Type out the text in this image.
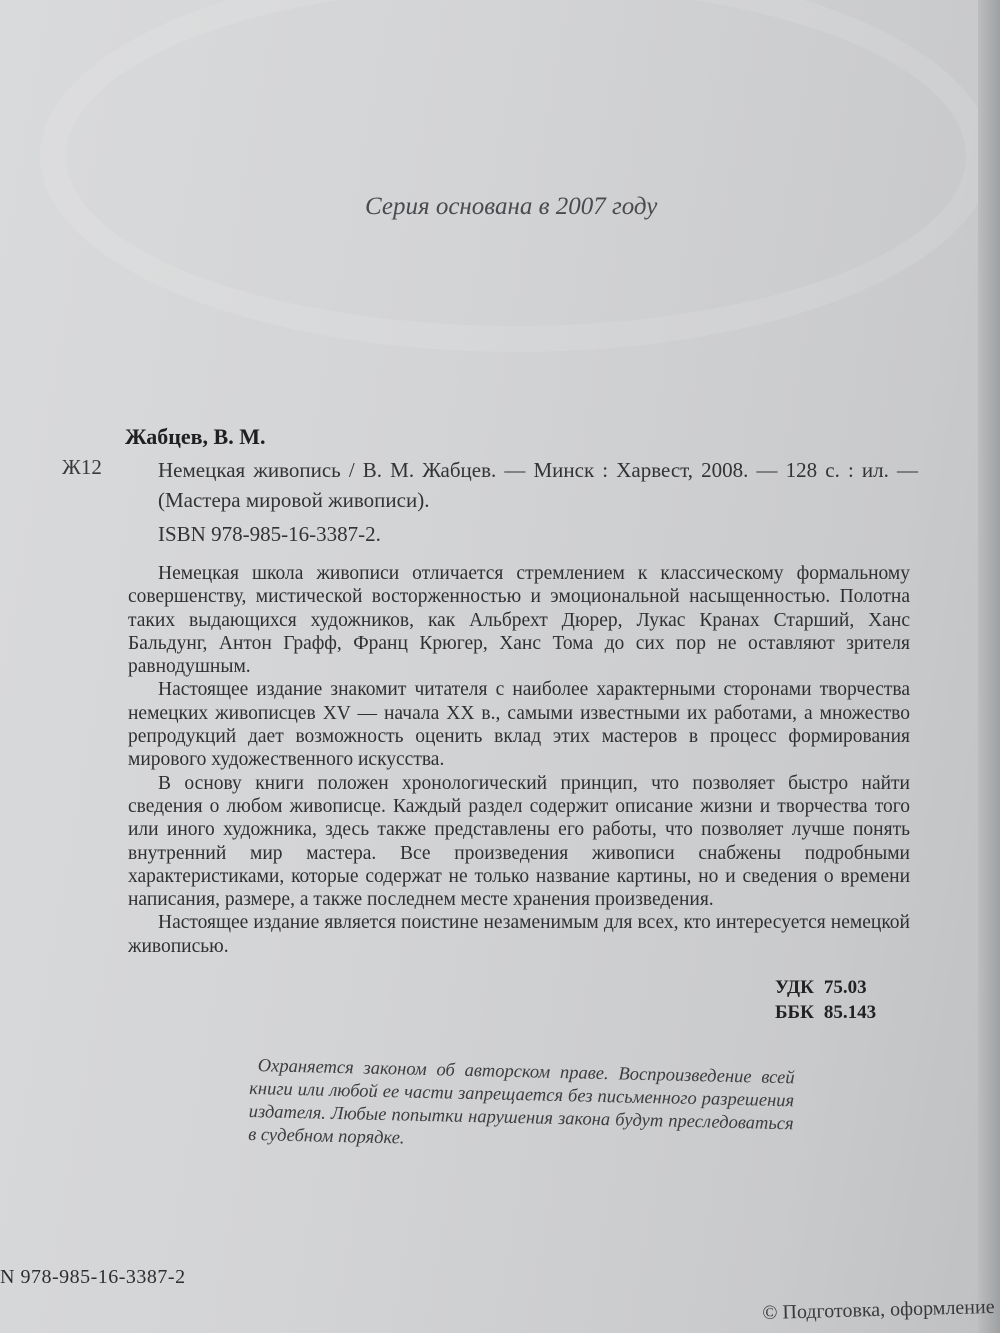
Серия основана в 2007 году
Жабцев, В. М.
Ж12	Немецкая живопись / В. М. Жабцев. — Минск : Харвест, 2008. — 128 с. : ил. — (Мастера мировой живописи).

ISBN 978-985-16-3387-2.

Немецкая школа живописи отличается стремлением к классическому формальному совершенству, мистической восторженностью и эмоциональной насыщенностью. Полотна таких выдающихся художников, как Альбрехт Дюрер, Лукас Кранах Старший, Ханс Бальдунг, Антон Графф, Франц Крюгер, Ханс Тома до сих пор не оставляют зрителя равнодушным.

Настоящее издание знакомит читателя с наиболее характерными сторонами творчества немецких живописцев XV — начала XX в., самыми известными их работами, а множество репродукций дает возможность оценить вклад этих мастеров в процесс формирования мирового художественного искусства.

В основу книги положен хронологический принцип, что позволяет быстро найти сведения о любом живописце. Каждый раздел содержит описание жизни и творчества того или иного художника, здесь также представлены его работы, что позволяет лучше понять внутренний мир мастера. Все произведения живописи снабжены подробными характеристиками, которые содержат не только название картины, но и сведения о времени написания, размере, а также последнем месте хранения произведения.

Настоящее издание является поистине незаменимым для всех, кто интересуется немецкой живописью.

УДК 75.03
ББК 85.143
Охраняется законом об авторском праве. Воспроизведение всей книги или любой ее части запрещается без письменного разрешения издателя. Любые попытки нарушения закона будут преследоваться в судебном порядке.
N 978-985-16-3387-2
© Подготовка, оформление
